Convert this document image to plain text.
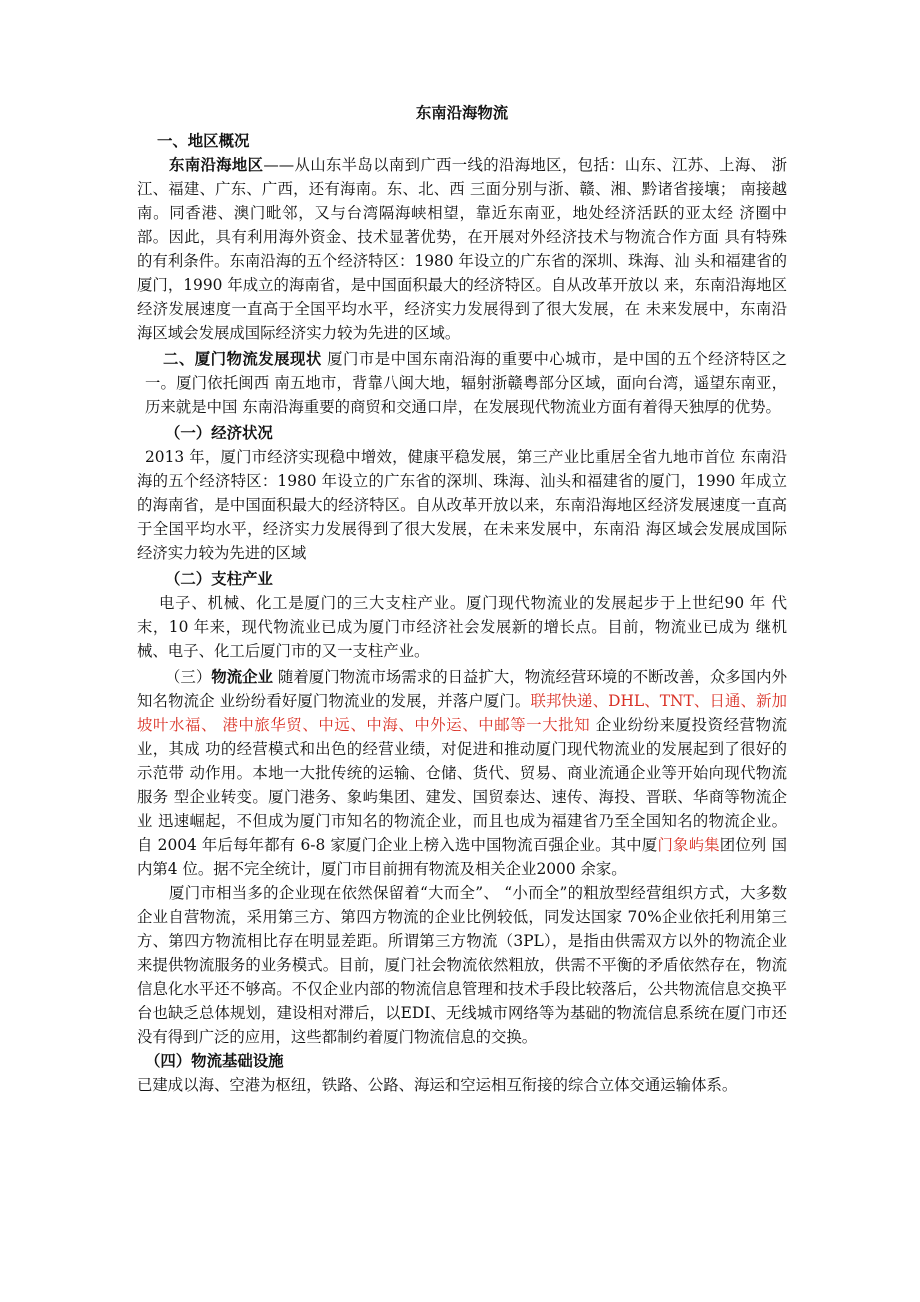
东南沿海物流
一、地区概况

东南沿海地区——从山东半岛以南到广西一线的沿海地区，包括：山东、江苏、上海、 浙江、福建、广东、广西，还有海南。东、北、西 三面分别与浙、赣、湘、黔诸省接壤； 南接越南。同香港、澳门毗邻，又与台湾隔海峡相望，靠近东南亚，地处经济活跃的亚太经 济圈中部。因此，具有利用海外资金、技术显著优势，在开展对外经济技术与物流合作方面 具有特殊的有利条件。东南沿海的五个经济特区：1980 年设立的广东省的深圳、珠海、汕 头和福建省的厦门，1990 年成立的海南省，是中国面积最大的经济特区。自从改革开放以 来，东南沿海地区经济发展速度一直高于全国平均水平，经济实力发展得到了很大发展，在 未来发展中，东南沿海区域会发展成国际经济实力较为先进的区域。

二、厦门物流发展现状 厦门市是中国东南沿海的重要中心城市，是中国的五个经济特区之一。厦门依托闽西 南五地市，背靠八闽大地，辐射浙赣粤部分区域，面向台湾，遥望东南亚，历来就是中国 东南沿海重要的商贸和交通口岸，在发展现代物流业方面有着得天独厚的优势。

（一）经济状况

2013 年，厦门市经济实现稳中增效，健康平稳发展，第三产业比重居全省九地市首位 东南沿海的五个经济特区：1980 年设立的广东省的深圳、珠海、汕头和福建省的厦门，1990 年成立的海南省，是中国面积最大的经济特区。自从改革开放以来，东南沿海地区经济发展速度一直高于全国平均水平，经济实力发展得到了很大发展，在未来发展中，东南沿 海区域会发展成国际经济实力较为先进的区域

（二）支柱产业

电子、机械、化工是厦门的三大支柱产业。厦门现代物流业的发展起步于上世纪90 年 代末，10 年来，现代物流业已成为厦门市经济社会发展新的增长点。目前，物流业已成为 继机械、电子、化工后厦门市的又一支柱产业。

（三）物流企业 随着厦门物流市场需求的日益扩大，物流经营环境的不断改善，众多国内外知名物流企 业纷纷看好厦门物流业的发展，并落户厦门。联邦快递、DHL、TNT、日通、新加坡叶水福、 港中旅华贸、中远、中海、中外运、中邮等一大批知 企业纷纷来厦投资经营物流业，其成 功的经营模式和出色的经营业绩，对促进和推动厦门现代物流业的发展起到了很好的示范带 动作用。本地一大批传统的运输、仓储、货代、贸易、商业流通企业等开始向现代物流服务 型企业转变。厦门港务、象屿集团、建发、国贸泰达、速传、海投、晋联、华商等物流企业 迅速崛起，不但成为厦门市知名的物流企业，而且也成为福建省乃至全国知名的物流企业。 自 2004 年后每年都有 6-8 家厦门企业上榜入选中国物流百强企业。其中厦门象屿集团位列 国内第4 位。据不完全统计，厦门市目前拥有物流及相关企业2000 余家。

厦门市相当多的企业现在依然保留着“大而全”、 “小而全”的粗放型经营组织方式，大多数企业自营物流，采用第三方、第四方物流的企业比例较低，同发达国家 70%企业依托利用第三方、第四方物流相比存在明显差距。所谓第三方物流（3PL），是指由供需双方以外的物流企业来提供物流服务的业务模式。目前，厦门社会物流依然粗放，供需不平衡的矛盾依然存在，物流信息化水平还不够高。不仅企业内部的物流信息管理和技术手段比较落后，公共物流信息交换平台也缺乏总体规划，建设相对滞后，以EDI、无线城市网络等为基础的物流信息系统在厦门市还没有得到广泛的应用，这些都制约着厦门物流信息的交换。

（四）物流基础设施

已建成以海、空港为枢纽，铁路、公路、海运和空运相互衔接的综合立体交通运输体系。
